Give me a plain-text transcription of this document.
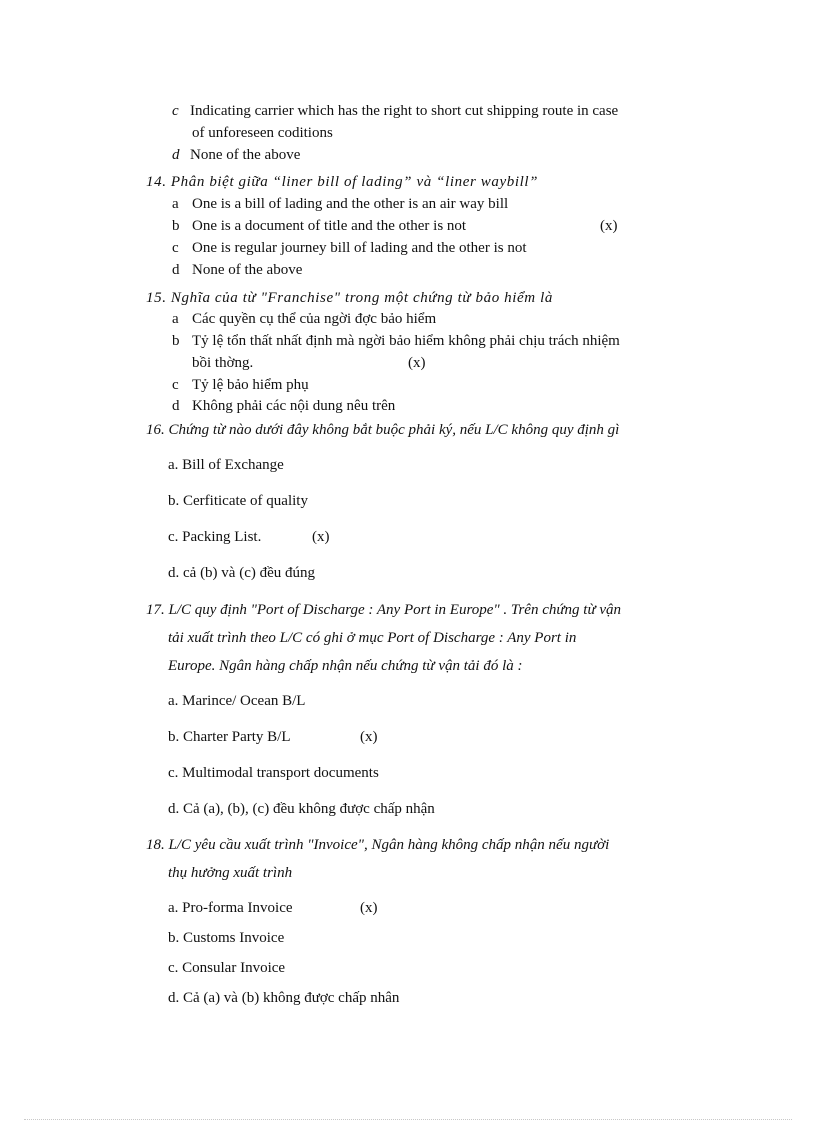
c Indicating carrier which has the right to short cut shipping route in case
of unforeseen coditions
d None of the above
14. Phân biệt giữa “liner bill of lading” và “liner waybill”
a One is a bill of lading and the other is an air way bill
b One is a document of title and the other is not	(x)
c One is regular journey bill of lading and the other is not
d None of the above
15. Nghĩa của từ "Franchise" trong một chứng từ bảo hiểm là
a Các quyền cụ thể của ngời đợc bảo hiểm
b Tỷ lệ tổn thất nhất định mà ngời bảo hiểm không phải chịu trách nhiệm
bồi thờng.	(x)
c Tỷ lệ bảo hiểm phụ
d Không phải các nội dung nêu trên
16. Chứng từ nào dưới đây không bắt buộc phải ký, nếu L/C không quy định gì
a. Bill of Exchange
b. Cerfiticate of quality
c. Packing List.	(x)
d. cả (b) và (c) đều đúng
17. L/C quy định "Port of Discharge : Any Port in Europe" . Trên chứng từ vận
tải xuất trình theo L/C có ghi ở mục Port of Discharge : Any Port in
Europe. Ngân hàng chấp nhận nếu chứng từ vận tải đó là :
a. Marince/ Ocean B/L
b. Charter Party B/L	(x)
c. Multimodal transport documents
d. Cả (a), (b), (c) đều không được chấp nhận
18. L/C yêu cầu xuất trình "Invoice", Ngân hàng không chấp nhận nếu người
thụ hưởng xuất trình
a. Pro-forma Invoice	(x)
b. Customs Invoice
c. Consular Invoice
d. Cả (a) và (b) không được chấp nhân
